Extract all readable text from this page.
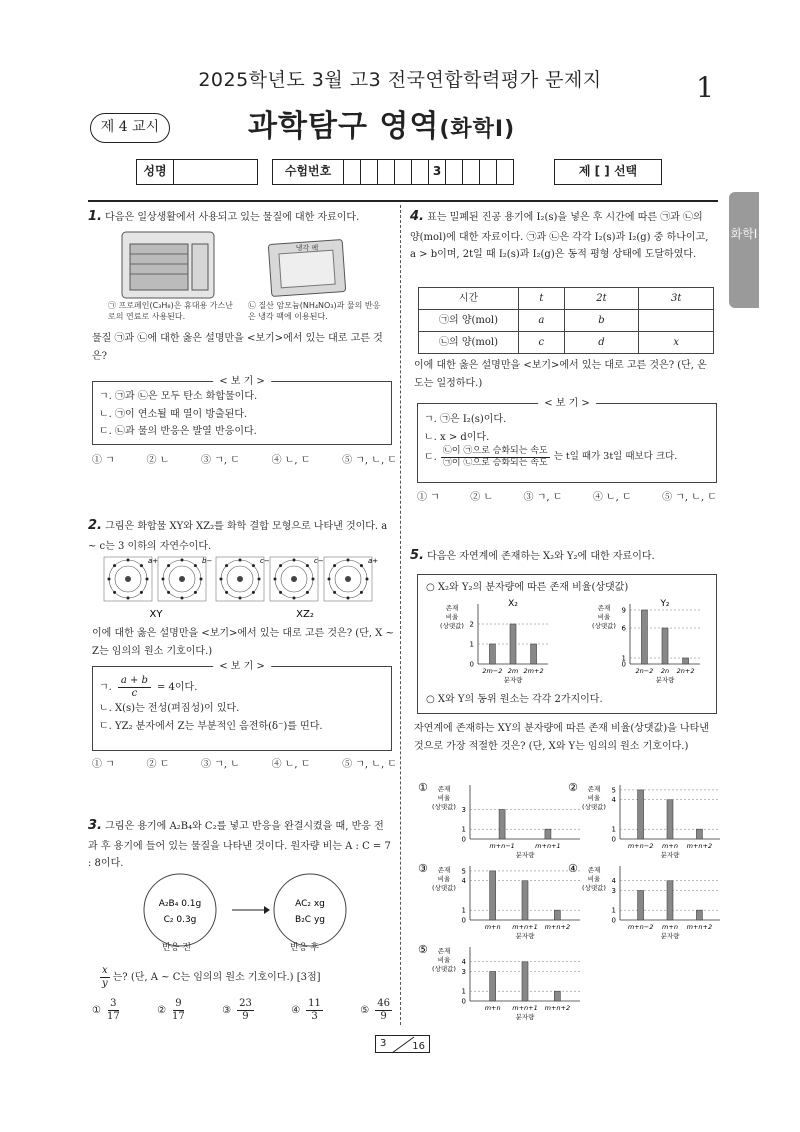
2025학년도 3월 고3 전국연합학력평가 문제지	1
제 4 교시	과학탐구 영역(화학Ⅰ)
성명	수험번호	3	제 [ ] 선택
화학Ⅰ
1. 다음은 일상생활에서 사용되고 있는 물질에 대한 자료이다.
냉각 팩
㉠ 프로페인(C₃H₈)은 휴대용 가스난로의 연료로 사용된다.
㉡ 질산 암모늄(NH₄NO₃)과 물의 반응은 냉각 팩에 이용된다.
물질 ㉠과 ㉡에 대한 옳은 설명만을 <보기>에서 있는 대로 고른 것은?
< 보 기 >
ㄱ. ㉠과 ㉡은 모두 탄소 화합물이다.
ㄴ. ㉠이 연소될 때 열이 방출된다.
ㄷ. ㉡과 물의 반응은 발열 반응이다.
① ㄱ	② ㄴ	③ ㄱ, ㄷ	④ ㄴ, ㄷ	⑤ ㄱ, ㄴ, ㄷ
2. 그림은 화합물 XY와 XZ₂를 화학 결합 모형으로 나타낸 것이다. a ~ c는 3 이하의 자연수이다.
a+	b−	c−	c−	a+
XY	XZ₂
이에 대한 옳은 설명만을 <보기>에서 있는 대로 고른 것은? (단, X ~ Z는 임의의 원소 기호이다.)
< 보 기 >
ㄱ. $\frac{a + b}{c} = 4$이다.
ㄴ. X(s)는 전성(펴짐성)이 있다.
ㄷ. YZ₂ 분자에서 Z는 부분적인 음전하(δ⁻)를 띤다.
① ㄱ	② ㄷ	③ ㄱ, ㄴ	④ ㄴ, ㄷ	⑤ ㄱ, ㄴ, ㄷ
3. 그림은 용기에 A₂B₄와 C₂를 넣고 반응을 완결시켰을 때, 반응 전과 후 용기에 들어 있는 물질을 나타낸 것이다. 원자량 비는 A : C = 7 : 8이다.
A₂B₄ 0.1g
C₂ 0.3g
AC₂ xg
B₂C yg
반응 전	반응 후
$\frac{x}{y}$ 는? (단, A ~ C는 임의의 원소 기호이다.) [3점]
① $\frac{3}{17}$	② $\frac{9}{17}$	③ $\frac{23}{9}$	④ $\frac{11}{3}$	⑤ $\frac{46}{9}$
4. 표는 밀폐된 진공 용기에 I₂(s)을 넣은 후 시간에 따른 ㉠과 ㉡의 양(mol)에 대한 자료이다. ㉠과 ㉡은 각각 I₂(s)과 I₂(g) 중 하나이고, a > b이며, 2t일 때 I₂(s)과 I₂(g)은 동적 평형 상태에 도달하였다.
시간	t	2t	3t
㉠의 양(mol)	a	b	
㉡의 양(mol)	c	d	x
이에 대한 옳은 설명만을 <보기>에서 있는 대로 고른 것은? (단, 온도는 일정하다.)
< 보 기 >
ㄱ. ㉠은 I₂(s)이다.
ㄴ. x > d이다.
ㄷ.
㉡이 ㉠으로 승화되는 속도
㉠이 ㉡으로 승화되는 속도
는 t일 때가 3t일 때보다 크다.
① ㄱ	② ㄴ	③ ㄱ, ㄷ	④ ㄴ, ㄷ	⑤ ㄱ, ㄴ, ㄷ
5. 다음은 자연계에 존재하는 X₂와 Y₂에 대한 자료이다.
○ X₂와 Y₂의 분자량에 따른 존재 비율(상댓값)
○ X와 Y의 동위 원소는 각각 2가지이다.
자연계에 존재하는 XY의 분자량에 따른 존재 비율(상댓값)을 나타낸 것으로 가장 적절한 것은? (단, X와 Y는 임의의 원소 기호이다.)
존재
비율
(상댓값)
X₂
0
1
2
2m−2 2m 2m+2
분자량
존재
비율
(상댓값)
Y₂
0
1
6
9
2n−2 2n 2n+2
분자량
존재
비율
(상댓값)
①
0
1
3
m+n−1	m+n+1
분자량
존재
비율
(상댓값)
②
0
1
4
5
m+n−2 m+n m+n+2
분자량
존재
비율
(상댓값)
③
0
1
4
5
m+n m+n+1 m+n+2
분자량
존재
비율
(상댓값)
④
0
1
3
4
m+n−2 m+n m+n+2
분자량
존재
비율
(상댓값)
⑤
0
1
3
4
m+n m+n+1 m+n+2
분자량
3	16
